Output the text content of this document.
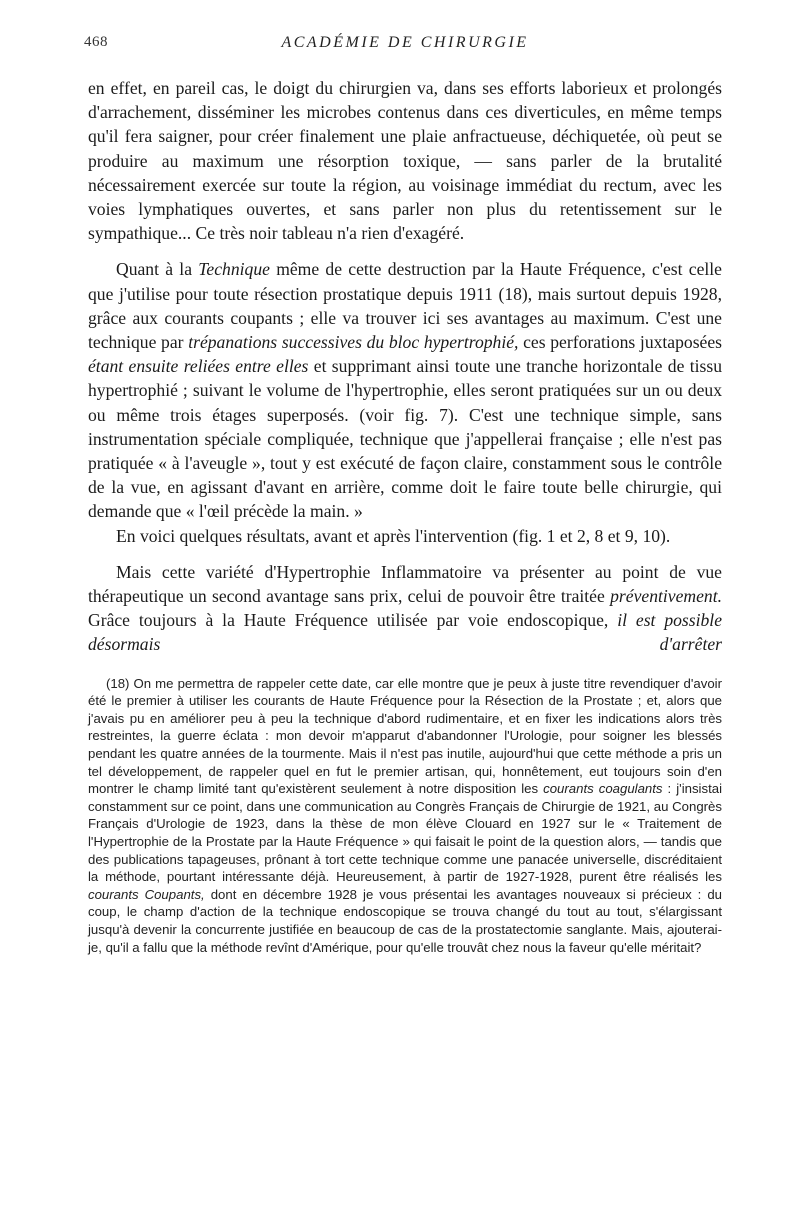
468	ACADÉMIE DE CHIRURGIE

en effet, en pareil cas, le doigt du chirurgien va, dans ses efforts laborieux et prolongés d'arrachement, disséminer les microbes contenus dans ces diverticules, en même temps qu'il fera saigner, pour créer finalement une plaie anfractueuse, déchiquetée, où peut se produire au maximum une résorption toxique, — sans parler de la brutalité nécessairement exercée sur toute la région, au voisinage immédiat du rectum, avec les voies lymphatiques ouvertes, et sans parler non plus du retentissement sur le sympathique... Ce très noir tableau n'a rien d'exagéré.

Quant à la Technique même de cette destruction par la Haute Fréquence, c'est celle que j'utilise pour toute résection prostatique depuis 1911 (18), mais surtout depuis 1928, grâce aux courants coupants ; elle va trouver ici ses avantages au maximum. C'est une technique par trépanations successives du bloc hypertrophié, ces perforations juxtaposées étant ensuite reliées entre elles et supprimant ainsi toute une tranche horizontale de tissu hypertrophié ; suivant le volume de l'hypertrophie, elles seront pratiquées sur un ou deux ou même trois étages superposés. (voir fig. 7). C'est une technique simple, sans instrumentation spéciale compliquée, technique que j'appellerai française ; elle n'est pas pratiquée « à l'aveugle », tout y est exécuté de façon claire, constamment sous le contrôle de la vue, en agissant d'avant en arrière, comme doit le faire toute belle chirurgie, qui demande que « l'œil précède la main. »

En voici quelques résultats, avant et après l'intervention (fig. 1 et 2, 8 et 9, 10).

Mais cette variété d'Hypertrophie Inflammatoire va présenter au point de vue thérapeutique un second avantage sans prix, celui de pouvoir être traitée préventivement. Grâce toujours à la Haute Fréquence utilisée par voie endoscopique, il est possible désormais d'arrêter

(18) On me permettra de rappeler cette date, car elle montre que je peux à juste titre revendiquer d'avoir été le premier à utiliser les courants de Haute Fréquence pour la Résection de la Prostate ; et, alors que j'avais pu en améliorer peu à peu la technique d'abord rudimentaire, et en fixer les indications alors très restreintes, la guerre éclata : mon devoir m'apparut d'abandonner l'Urologie, pour soigner les blessés pendant les quatre années de la tourmente. Mais il n'est pas inutile, aujourd'hui que cette méthode a pris un tel développement, de rappeler quel en fut le premier artisan, qui, honnêtement, eut toujours soin d'en montrer le champ limité tant qu'existèrent seulement à notre disposition les courants coagulants : j'insistai constamment sur ce point, dans une communication au Congrès Français de Chirurgie de 1921, au Congrès Français d'Urologie de 1923, dans la thèse de mon élève Clouard en 1927 sur le « Traitement de l'Hypertrophie de la Prostate par la Haute Fréquence » qui faisait le point de la question alors, — tandis que des publications tapageuses, prônant à tort cette technique comme une panacée universelle, discréditaient la méthode, pourtant intéressante déjà. Heureusement, à partir de 1927-1928, purent être réalisés les courants Coupants, dont en décembre 1928 je vous présentai les avantages nouveaux si précieux : du coup, le champ d'action de la technique endoscopique se trouva changé du tout au tout, s'élargissant jusqu'à devenir la concurrente justifiée en beaucoup de cas de la prostatectomie sanglante. Mais, ajouterai-je, qu'il a fallu que la méthode revînt d'Amérique, pour qu'elle trouvât chez nous la faveur qu'elle méritait?
